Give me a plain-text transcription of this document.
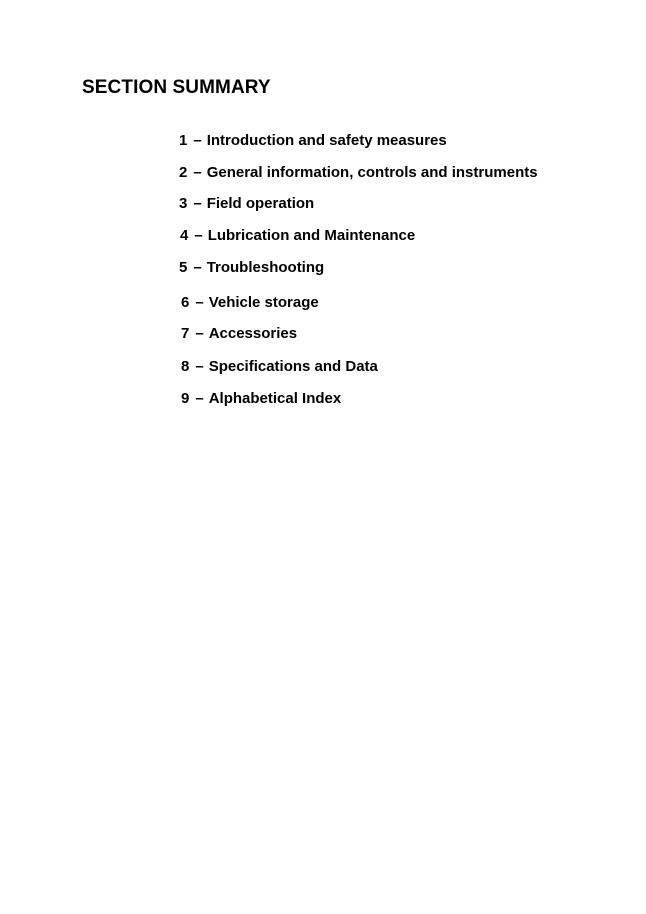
SECTION SUMMARY
1 – Introduction and safety measures
2 – General information, controls and instruments
3 – Field operation
4 – Lubrication and Maintenance
5 – Troubleshooting
6 – Vehicle storage
7 – Accessories
8 – Specifications and Data
9 – Alphabetical Index
